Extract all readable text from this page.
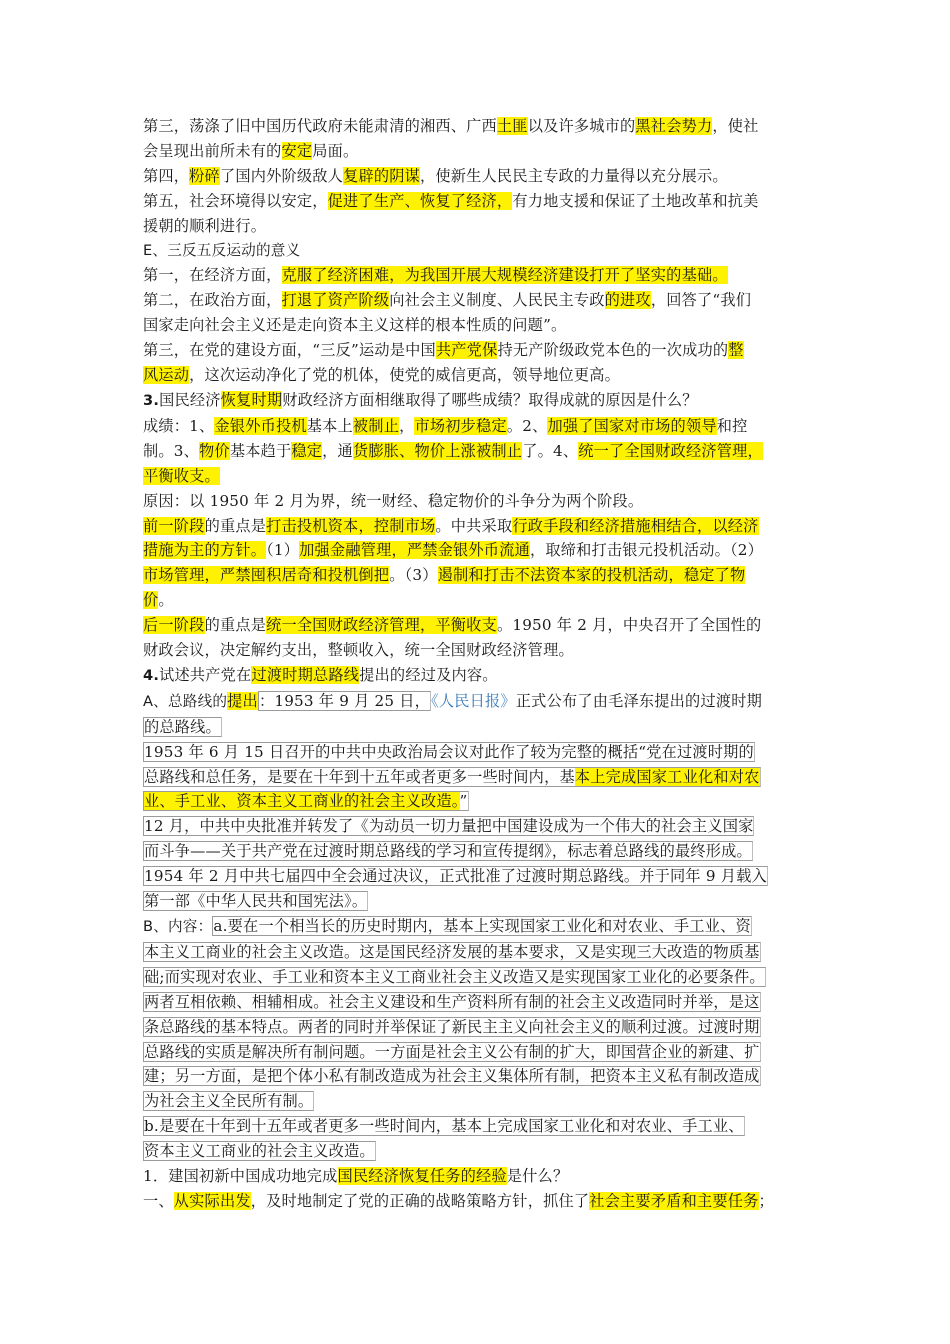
第三，荡涤了旧中国历代政府未能肃清的湘西、广西土匪以及许多城市的黑社会势力，使社

会呈现出前所未有的安定局面。

第四，粉碎了国内外阶级敌人复辟的阴谋，使新生人民民主专政的力量得以充分展示。

第五，社会环境得以安定，促进了生产、恢复了经济，有力地支援和保证了土地改革和抗美

援朝的顺利进行。

E、三反五反运动的意义

第一，在经济方面，克服了经济困难，为我国开展大规模经济建设打开了坚实的基础。

第二，在政治方面，打退了资产阶级向社会主义制度、人民民主专政的进攻，回答了“我们

国家走向社会主义还是走向资本主义这样的根本性质的问题”。

第三，在党的建设方面，“三反”运动是中国共产党保持无产阶级政党本色的一次成功的整

风运动，这次运动净化了党的机体，使党的威信更高，领导地位更高。

3.国民经济恢复时期财政经济方面相继取得了哪些成绩？取得成就的原因是什么？

成绩：1、金银外币投机基本上被制止，市场初步稳定。2、加强了国家对市场的领导和控

制。3、物价基本趋于稳定，通货膨胀、物价上涨被制止了。4、统一了全国财政经济管理，

平衡收支。

原因：以 1950 年 2 月为界，统一财经、稳定物价的斗争分为两个阶段。

前一阶段的重点是打击投机资本，控制市场。中共采取行政手段和经济措施相结合，以经济

措施为主的方针。（1）加强金融管理，严禁金银外币流通，取缔和打击银元投机活动。（2）

市场管理，严禁囤积居奇和投机倒把。（3）遏制和打击不法资本家的投机活动，稳定了物

价。

后一阶段的重点是统一全国财政经济管理，平衡收支。1950 年 2 月，中央召开了全国性的

财政会议，决定解约支出，整顿收入，统一全国财政经济管理。

4.试述共产党在过渡时期总路线提出的经过及内容。

A、总路线的提出：1953 年 9 月 25 日，《人民日报》正式公布了由毛泽东提出的过渡时期

的总路线。

1953 年 6 月 15 日召开的中共中央政治局会议对此作了较为完整的概括“党在过渡时期的

总路线和总任务，是要在十年到十五年或者更多一些时间内，基本上完成国家工业化和对农

业、手工业、资本主义工商业的社会主义改造。”

12 月，中共中央批准并转发了《为动员一切力量把中国建设成为一个伟大的社会主义国家

而斗争——关于共产党在过渡时期总路线的学习和宣传提纲》，标志着总路线的最终形成。

1954 年 2 月中共七届四中全会通过决议，正式批准了过渡时期总路线。并于同年 9 月载入

第一部《中华人民共和国宪法》。

B、内容：a.要在一个相当长的历史时期内，基本上实现国家工业化和对农业、手工业、资

本主义工商业的社会主义改造。这是国民经济发展的基本要求，又是实现三大改造的物质基

础;而实现对农业、手工业和资本主义工商业社会主义改造又是实现国家工业化的必要条件。

两者互相依赖、相辅相成。社会主义建设和生产资料所有制的社会主义改造同时并举，是这

条总路线的基本特点。两者的同时并举保证了新民主主义向社会主义的顺利过渡。过渡时期

总路线的实质是解决所有制问题。一方面是社会主义公有制的扩大，即国营企业的新建、扩

建；另一方面，是把个体小私有制改造成为社会主义集体所有制，把资本主义私有制改造成

为社会主义全民所有制。

b.是要在十年到十五年或者更多一些时间内，基本上完成国家工业化和对农业、手工业、

资本主义工商业的社会主义改造。

1．建国初新中国成功地完成国民经济恢复任务的经验是什么？

一、从实际出发，及时地制定了党的正确的战略策略方针，抓住了社会主要矛盾和主要任务；
